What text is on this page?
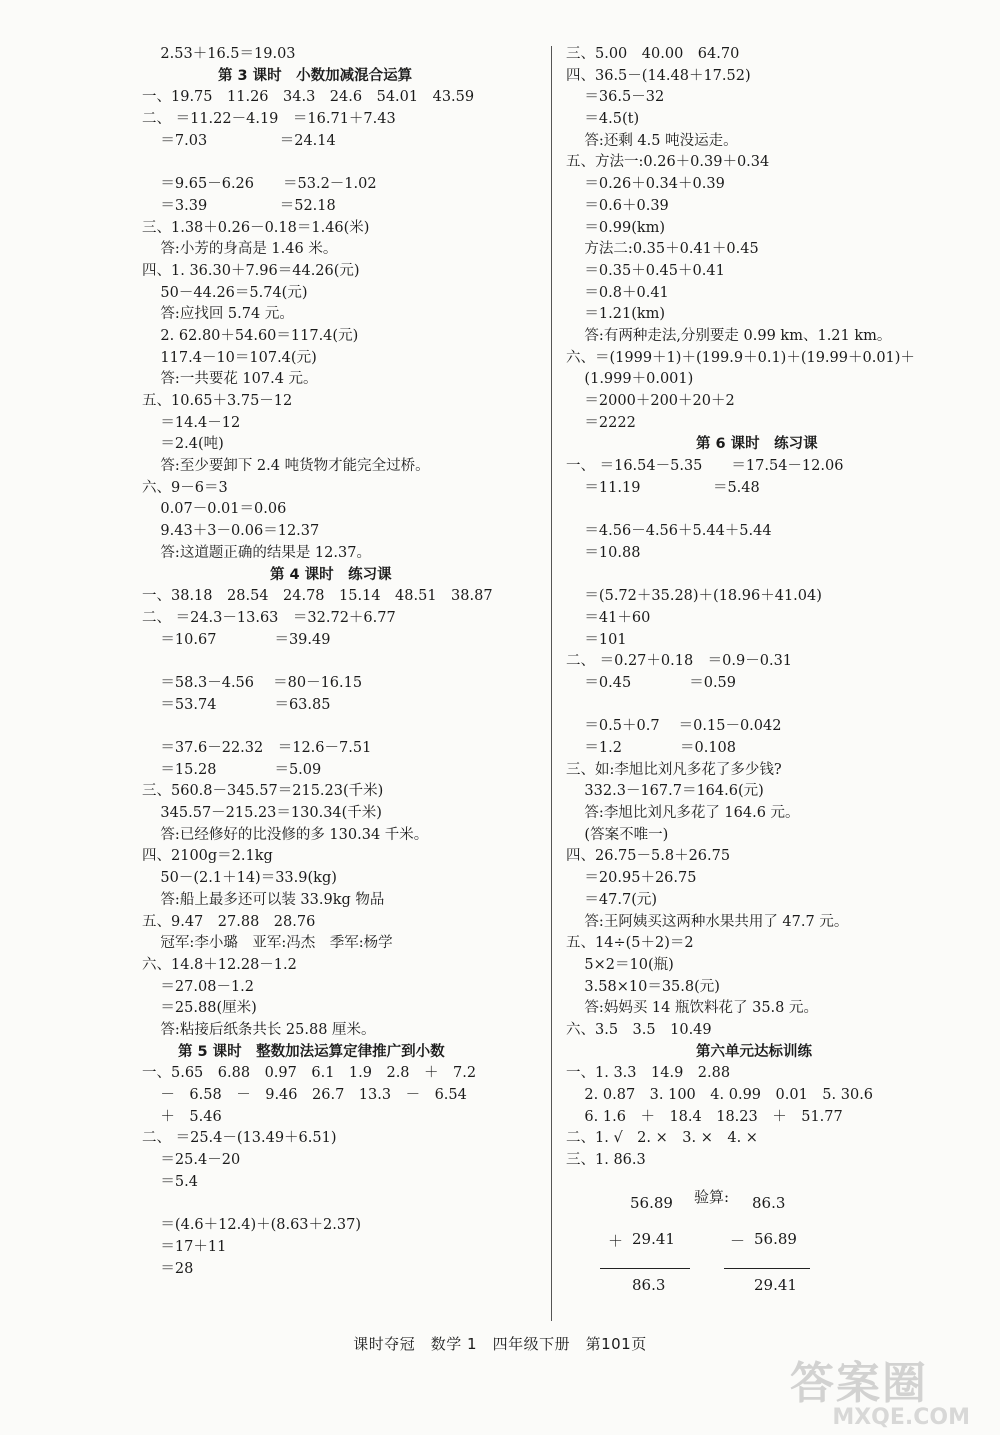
2.53＋16.5＝19.03
第 3 课时　小数加减混合运算
一、19.75　11.26　34.3　24.6　54.01　43.59
二、 ＝11.22－4.19　＝16.71＋7.43
＝7.03　　　　　＝24.14
＝9.65－6.26　　＝53.2－1.02
＝3.39　　　　　＝52.18
三、1.38＋0.26－0.18＝1.46(米)
答:小芳的身高是 1.46 米。
四、1. 36.30＋7.96＝44.26(元)
50－44.26＝5.74(元)
答:应找回 5.74 元。
2. 62.80＋54.60＝117.4(元)
117.4－10＝107.4(元)
答:一共要花 107.4 元。
五、10.65＋3.75－12
＝14.4－12
＝2.4(吨)
答:至少要卸下 2.4 吨货物才能完全过桥。
六、9－6＝3
0.07－0.01＝0.06
9.43＋3－0.06＝12.37
答:这道题正确的结果是 12.37。
第 4 课时　练习课
一、38.18　28.54　24.78　15.14　48.51　38.87
二、 ＝24.3－13.63　＝32.72＋6.77
＝10.67　　　　＝39.49
＝58.3－4.56　 ＝80－16.15
＝53.74　　　　＝63.85
＝37.6－22.32　＝12.6－7.51
＝15.28　　　　＝5.09
三、560.8－345.57＝215.23(千米)
345.57－215.23＝130.34(千米)
答:已经修好的比没修的多 130.34 千米。
四、2100g＝2.1kg
50－(2.1＋14)＝33.9(kg)
答:船上最多还可以装 33.9kg 物品
五、9.47　27.88　28.76
冠军:李小璐　亚军:冯杰　季军:杨学
六、14.8＋12.28－1.2
＝27.08－1.2
＝25.88(厘米)
答:粘接后纸条共长 25.88 厘米。
第 5 课时　整数加法运算定律推广到小数
一、5.65　6.88　0.97　6.1　1.9　2.8　＋　7.2
－　6.58　－　9.46　26.7　13.3　－　6.54
＋　5.46
二、 ＝25.4－(13.49＋6.51)
＝25.4－20
＝5.4
＝(4.6＋12.4)＋(8.63＋2.37)
＝17＋11
＝28
三、5.00　40.00　64.70
四、36.5－(14.48＋17.52)
＝36.5－32
＝4.5(t)
答:还剩 4.5 吨没运走。
五、方法一:0.26＋0.39＋0.34
＝0.26＋0.34＋0.39
＝0.6＋0.39
＝0.99(km)
方法二:0.35＋0.41＋0.45
＝0.35＋0.45＋0.41
＝0.8＋0.41
＝1.21(km)
答:有两种走法,分别要走 0.99 km、1.21 km。
六、＝(1999＋1)＋(199.9＋0.1)＋(19.99＋0.01)＋
(1.999＋0.001)
＝2000＋200＋20＋2
＝2222
第 6 课时　练习课
一、 ＝16.54－5.35　　＝17.54－12.06
＝11.19　　　　　＝5.48
＝4.56－4.56＋5.44＋5.44
＝10.88
＝(5.72＋35.28)＋(18.96＋41.04)
＝41＋60
＝101
二、 ＝0.27＋0.18　＝0.9－0.31
＝0.45　　　　＝0.59
＝0.5＋0.7　 ＝0.15－0.042
＝1.2　　　　＝0.108
三、如:李旭比刘凡多花了多少钱?
332.3－167.7＝164.6(元)
答:李旭比刘凡多花了 164.6 元。
(答案不唯一)
四、26.75－5.8＋26.75
＝20.95＋26.75
＝47.7(元)
答:王阿姨买这两种水果共用了 47.7 元。
五、14÷(5＋2)＝2
5×2＝10(瓶)
3.58×10＝35.8(元)
答:妈妈买 14 瓶饮料花了 35.8 元。
六、3.5　3.5　10.49
第六单元达标训练
一、1. 3.3　14.9　2.88
2. 0.87　3. 100　4. 0.99　0.01　5. 30.6
6. 1.6　＋　18.4　18.23　＋　51.77
二、1. √　2. ×　3. ×　4. ×
三、1. 86.3
验算:
56.89	86.3
＋ 29.41	－ 56.89
86.3	29.41
课时夺冠　数学 1　四年级下册　第101页
答案圈
MXQE.COM
